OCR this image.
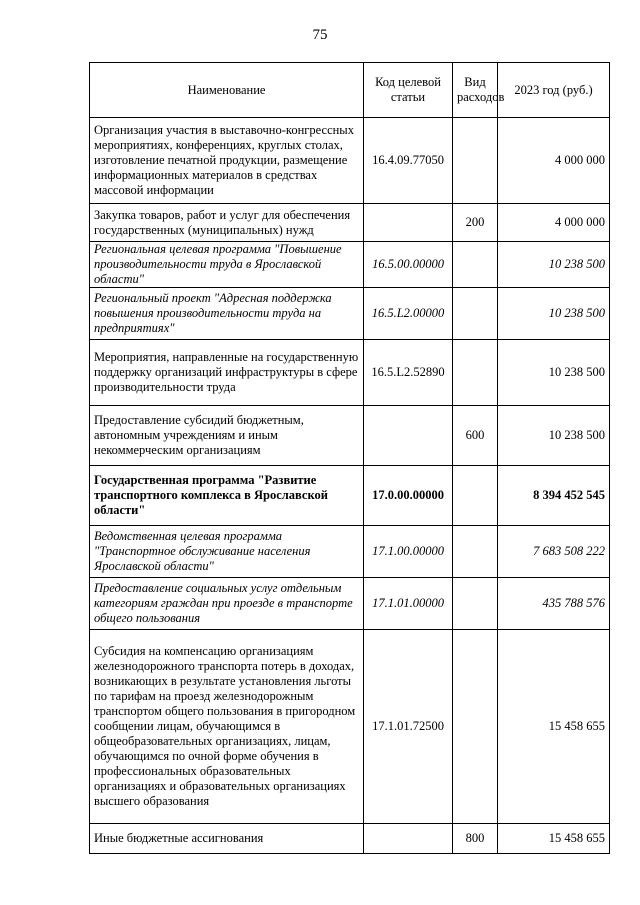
75
Наименование	Код целевой статьи	Вид расходов	2023 год (руб.)
Организация участия в выставочно-конгрессных мероприятиях, конференциях, круглых столах, изготовление печатной продукции, размещение информационных материалов в средствах массовой информации	16.4.09.77050		4 000 000
Закупка товаров, работ и услуг для обеспечения государственных (муниципальных) нужд		200	4 000 000
Региональная целевая программа "Повышение производительности труда в Ярославской области"	16.5.00.00000		10 238 500
Региональный проект "Адресная поддержка повышения производительности труда на предприятиях"	16.5.L2.00000		10 238 500
Мероприятия, направленные на государственную поддержку организаций инфраструктуры в сфере производительности труда	16.5.L2.52890		10 238 500
Предоставление субсидий бюджетным, автономным учреждениям и иным некоммерческим организациям		600	10 238 500
Государственная программа "Развитие транспортного комплекса в Ярославской области"	17.0.00.00000		8 394 452 545
Ведомственная целевая программа "Транспортное обслуживание населения Ярославской области"	17.1.00.00000		7 683 508 222
Предоставление социальных услуг отдельным категориям граждан при проезде в транспорте общего пользования	17.1.01.00000		435 788 576
Субсидия на компенсацию организациям железнодорожного транспорта потерь в доходах, возникающих в результате установления льготы по тарифам на проезд железнодорожным транспортом общего пользования в пригородном сообщении лицам, обучающимся в общеобразовательных организациях, лицам, обучающимся по очной форме обучения в профессиональных образовательных организациях и образовательных организациях высшего образования	17.1.01.72500		15 458 655
Иные бюджетные ассигнования		800	15 458 655
